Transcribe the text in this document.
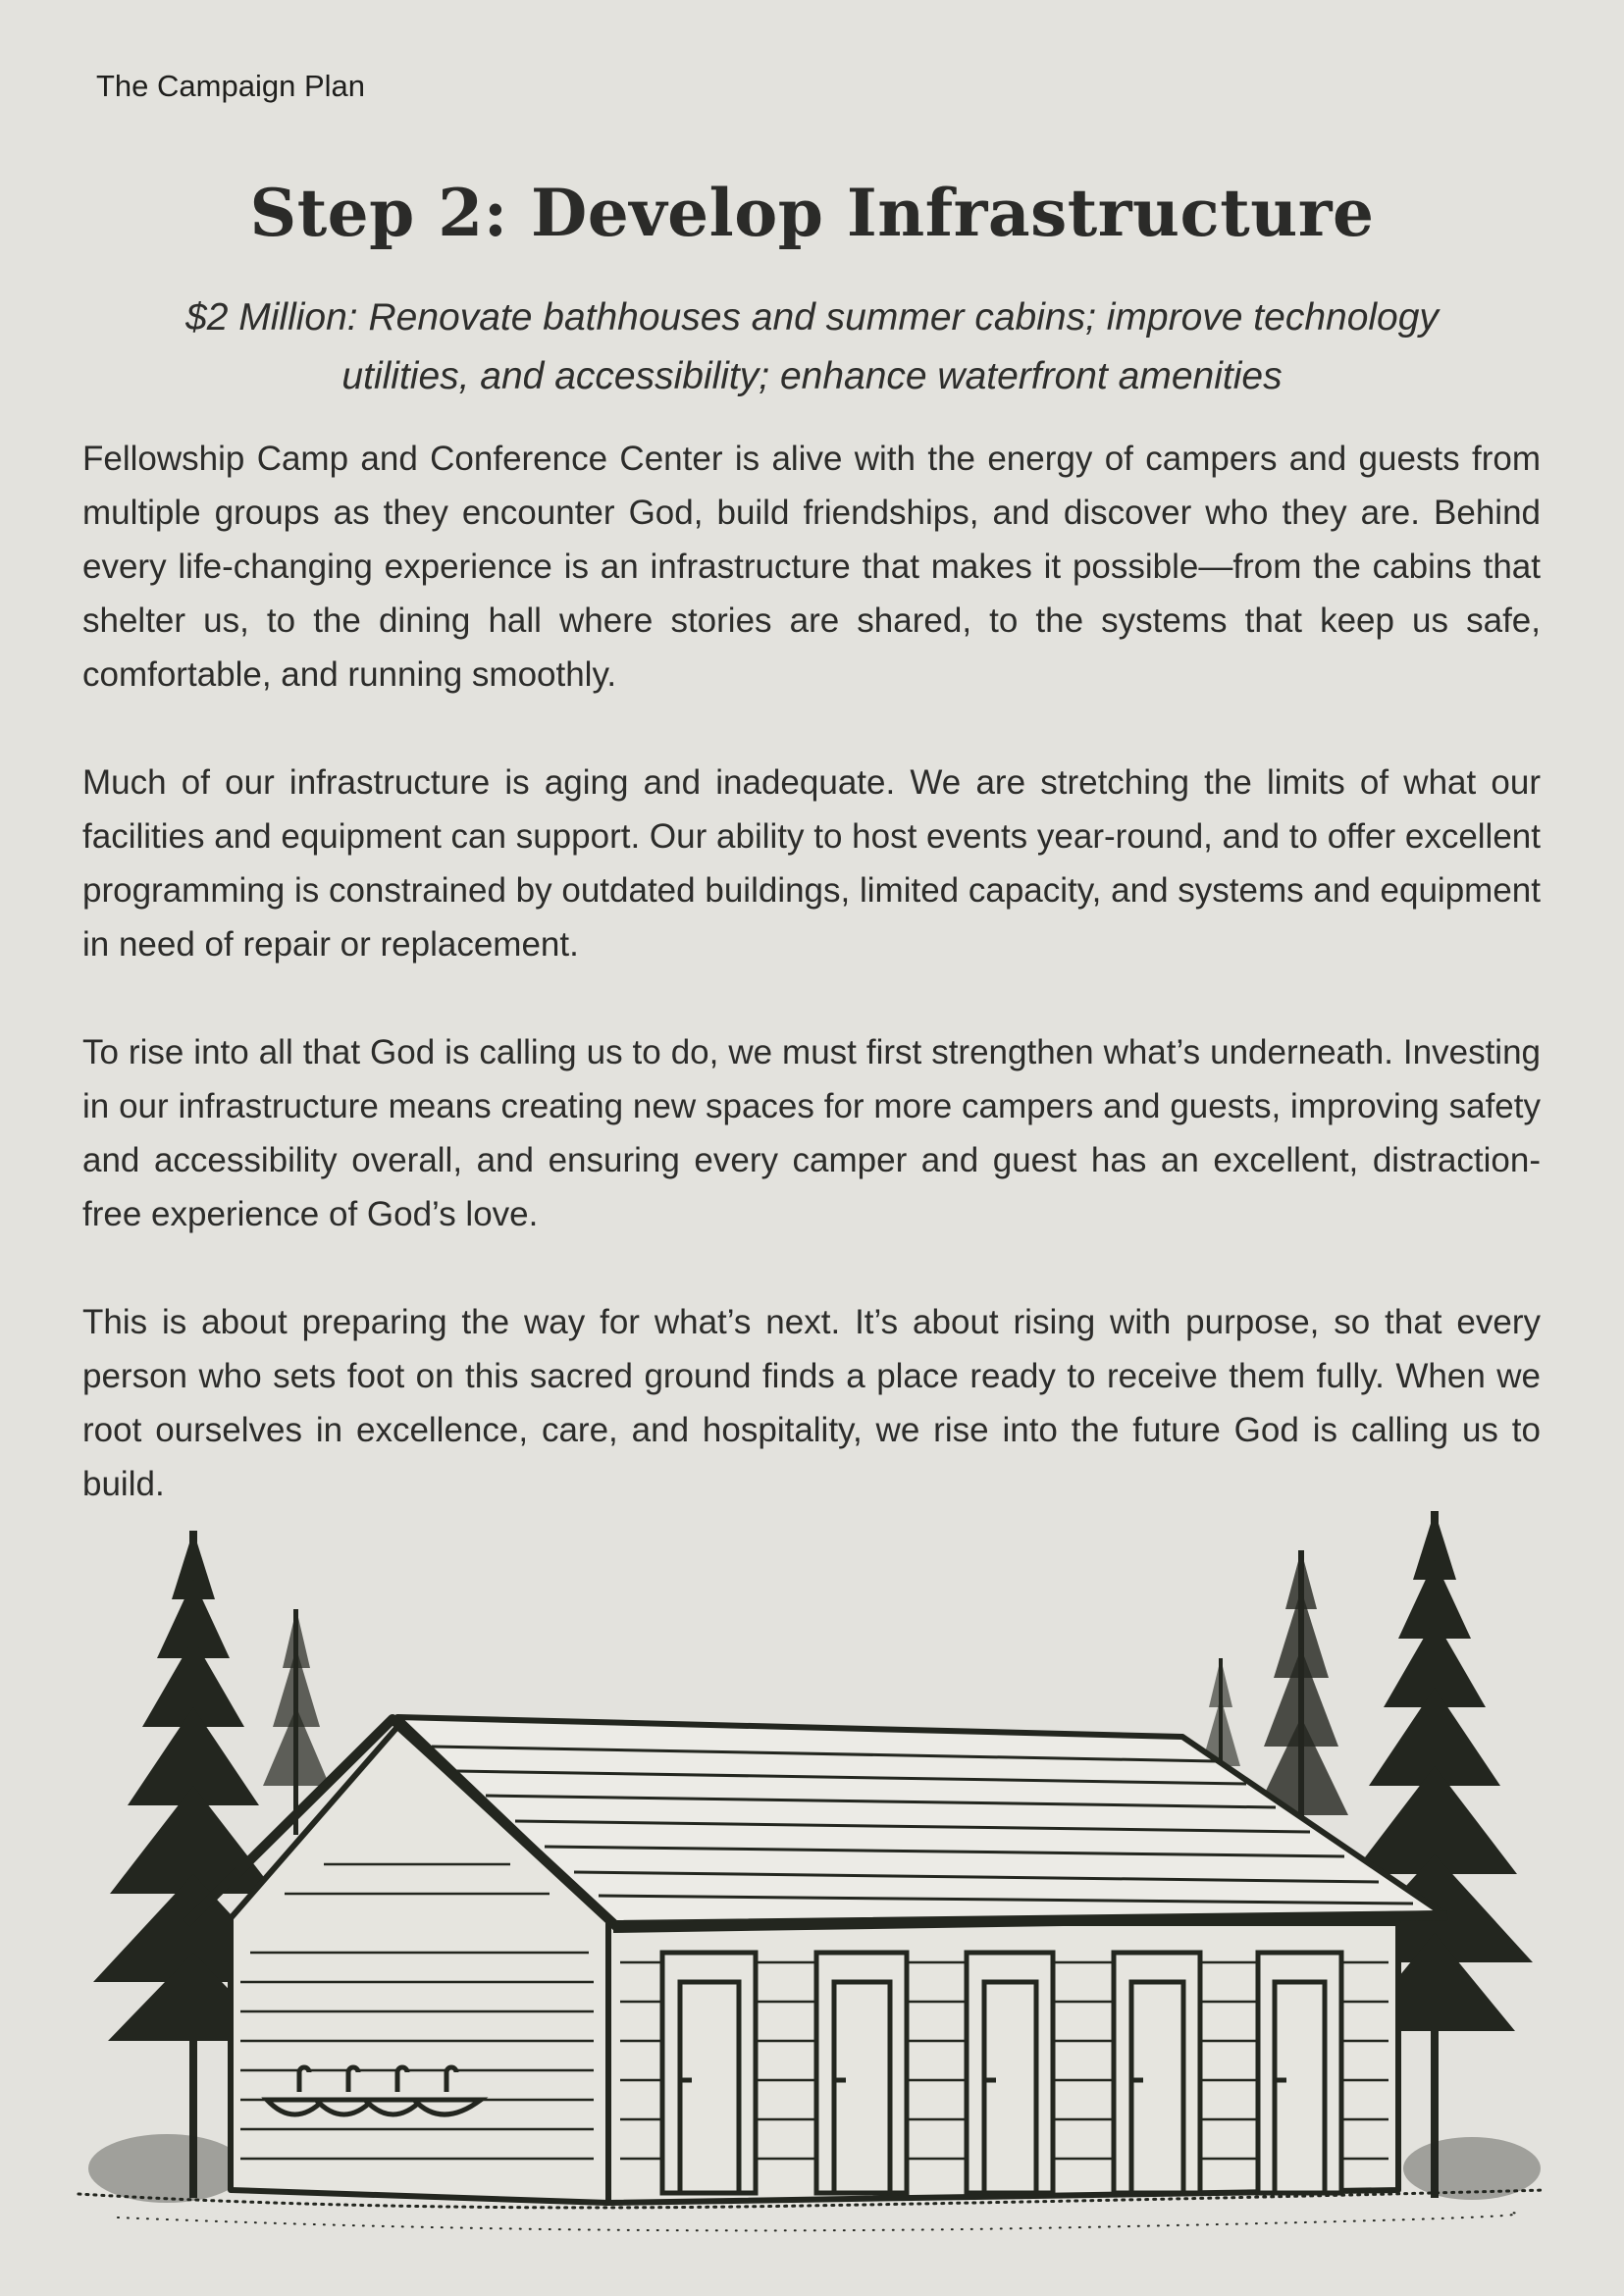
The Campaign Plan
Step 2: Develop Infrastructure
$2 Million: Renovate bathhouses and summer cabins; improve technology utilities, and accessibility; enhance waterfront amenities

Fellowship Camp and Conference Center is alive with the energy of campers and guests from multiple groups as they encounter God, build friendships, and discover who they are. Behind every life-changing experience is an infrastructure that makes it possible—from the cabins that shelter us, to the dining hall where stories are shared, to the systems that keep us safe, comfortable, and running smoothly.

Much of our infrastructure is aging and inadequate. We are stretching the limits of what our facilities and equipment can support. Our ability to host events year-round, and to offer excellent programming is constrained by outdated buildings, limited capacity, and systems and equipment in need of repair or replacement.

To rise into all that God is calling us to do, we must first strengthen what’s underneath. Investing in our infrastructure means creating new spaces for more campers and guests, improving safety and accessibility overall, and ensuring every camper and guest has an excellent, distraction-free experience of God’s love.

This is about preparing the way for what’s next. It’s about rising with purpose, so that every person who sets foot on this sacred ground finds a place ready to receive them fully. When we root ourselves in excellence, care, and hospitality, we rise into the future God is calling us to build.
